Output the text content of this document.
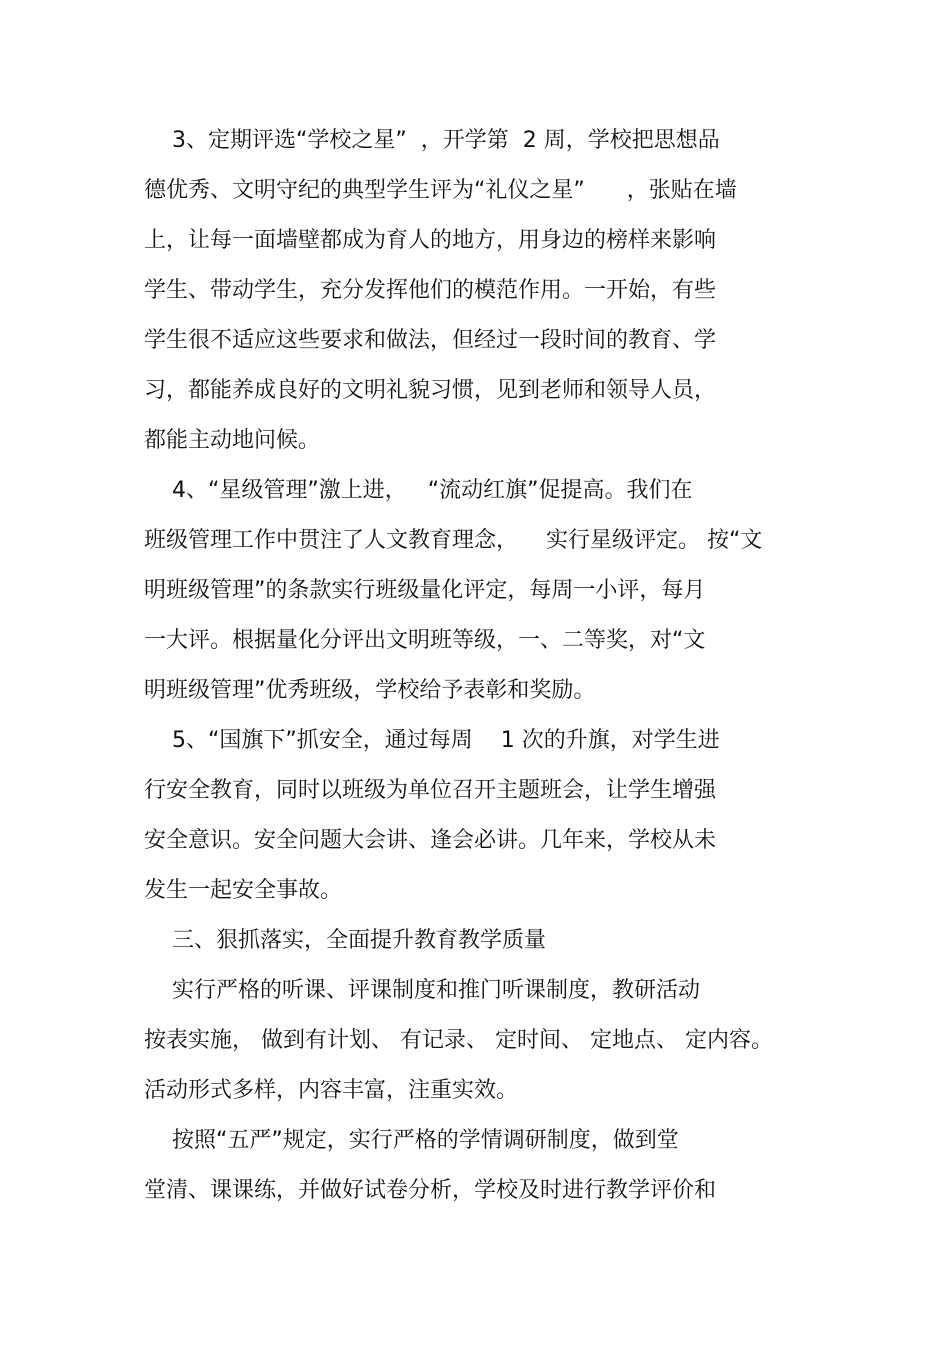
3、定期评选“学校之星”  ，开学第  2 周，学校把思想品
德优秀、文明守纪的典型学生评为“礼仪之星”      ，张贴在墙
上，让每一面墙壁都成为育人的地方，用身边的榜样来影响
学生、带动学生，充分发挥他们的模范作用。一开始，有些
学生很不适应这些要求和做法，但经过一段时间的教育、学
习，都能养成良好的文明礼貌习惯，见到老师和领导人员，
都能主动地问候。
4、“星级管理”激上进，   “流动红旗”促提高。我们在
班级管理工作中贯注了人文教育理念，    实行星级评定。 按“文
明班级管理”的条款实行班级量化评定，每周一小评，每月
一大评。根据量化分评出文明班等级，一、二等奖，对“文
明班级管理”优秀班级，学校给予表彰和奖励。
5、“国旗下”抓安全，通过每周    1 次的升旗，对学生进
行安全教育，同时以班级为单位召开主题班会，让学生增强
安全意识。安全问题大会讲、逢会必讲。几年来，学校从未
发生一起安全事故。
三、狠抓落实，全面提升教育教学质量
实行严格的听课、评课制度和推门听课制度，教研活动
按表实施， 做到有计划、 有记录、 定时间、 定地点、 定内容。
活动形式多样，内容丰富，注重实效。
按照“五严”规定，实行严格的学情调研制度，做到堂
堂清、课课练，并做好试卷分析，学校及时进行教学评价和
